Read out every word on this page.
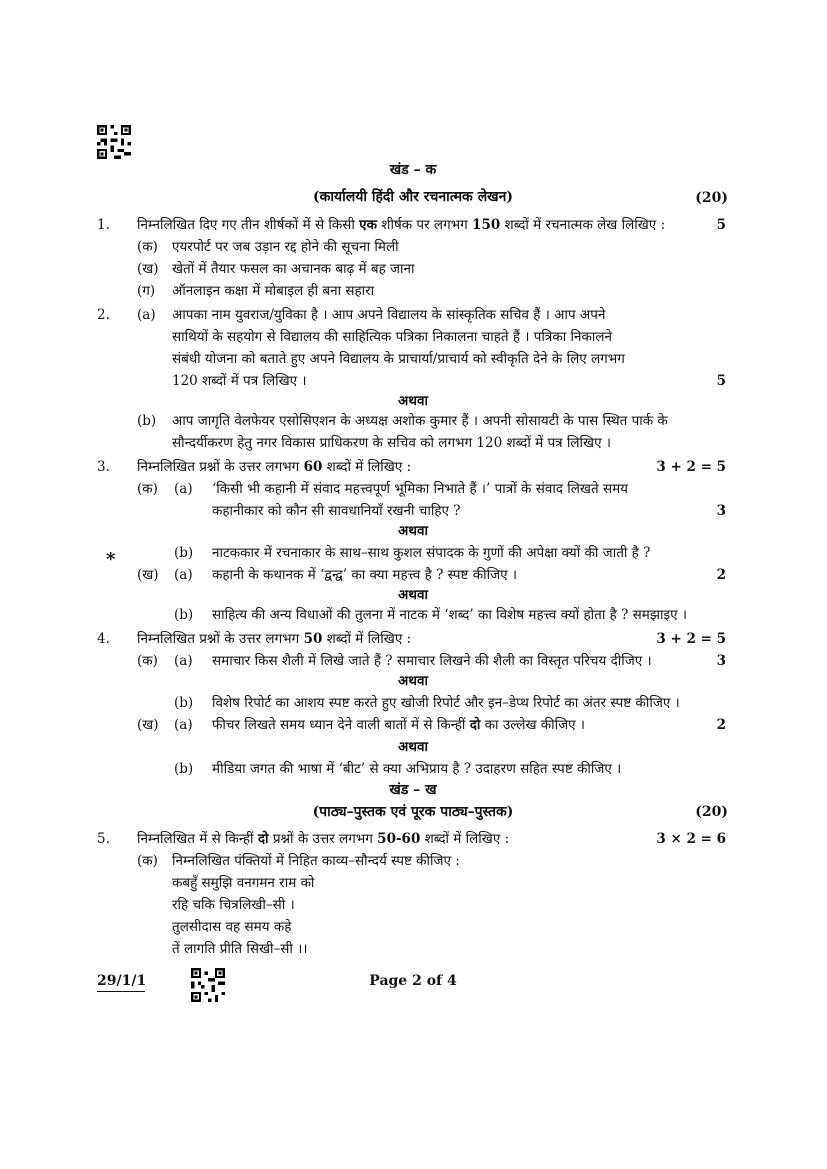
खंड – क
(कार्यालयी हिंदी और रचनात्मक लेखन)	(20)
1. निम्नलिखित दिए गए तीन शीर्षकों में से किसी एक शीर्षक पर लगभग 150 शब्दों में रचनात्मक लेख लिखिए :	5
(क) एयरपोर्ट पर जब उड़ान रद्द होने की सूचना मिली
(ख) खेतों में तैयार फसल का अचानक बाढ़ में बह जाना
(ग) ऑनलाइन कक्षा में मोबाइल ही बना सहारा
2. (a) आपका नाम युवराज/युविका है । आप अपने विद्यालय के सांस्कृतिक सचिव हैं । आप अपने
साथियों के सहयोग से विद्यालय की साहित्यिक पत्रिका निकालना चाहते हैं । पत्रिका निकालने
संबंधी योजना को बताते हुए अपने विद्यालय के प्राचार्या/प्राचार्य को स्वीकृति देने के लिए लगभग
120 शब्दों में पत्र लिखिए ।	5
अथवा
(b) आप जागृति वेलफेयर एसोसिएशन के अध्यक्ष अशोक कुमार हैं । अपनी सोसायटी के पास स्थित पार्क के
सौन्दर्यीकरण हेतु नगर विकास प्राधिकरण के सचिव को लगभग 120 शब्दों में पत्र लिखिए ।
3. निम्नलिखित प्रश्नों के उत्तर लगभग 60 शब्दों में लिखिए :	3 + 2 = 5
(क) (a) ‘किसी भी कहानी में संवाद महत्त्वपूर्ण भूमिका निभाते हैं ।’ पात्रों के संवाद लिखते समय
कहानीकार को कौन सी सावधानियाँ रखनी चाहिए ?	3
अथवा
(b) नाटककार में रचनाकार के साथ–साथ कुशल संपादक के गुणों की अपेक्षा क्यों की जाती है ?
*
(ख) (a) कहानी के कथानक में ‘द्वन्द्व’ का क्या महत्त्व है ? स्पष्ट कीजिए ।	2
अथवा
(b) साहित्य की अन्य विधाओं की तुलना में नाटक में ‘शब्द’ का विशेष महत्त्व क्यों होता है ? समझाइए ।
4. निम्नलिखित प्रश्नों के उत्तर लगभग 50 शब्दों में लिखिए :	3 + 2 = 5
(क) (a) समाचार किस शैली में लिखे जाते हैं ? समाचार लिखने की शैली का विस्तृत परिचय दीजिए ।	3
अथवा
(b) विशेष रिपोर्ट का आशय स्पष्ट करते हुए खोजी रिपोर्ट और इन–डेप्थ रिपोर्ट का अंतर स्पष्ट कीजिए ।
(ख) (a) फीचर लिखते समय ध्यान देने वाली बातों में से किन्हीं दो का उल्लेख कीजिए ।	2
अथवा
(b) मीडिया जगत की भाषा में ‘बीट’ से क्या अभिप्राय है ? उदाहरण सहित स्पष्ट कीजिए ।
खंड – ख
(पाठ्य–पुस्तक एवं पूरक पाठ्य–पुस्तक)	(20)
5. निम्नलिखित में से किन्हीं दो प्रश्नों के उत्तर लगभग 50-60 शब्दों में लिखिए :	3 × 2 = 6
(क) निम्नलिखित पंक्तियों में निहित काव्य–सौन्दर्य स्पष्ट कीजिए :
कबहुँ समुझि वनगमन राम को
रहि चकि चित्रलिखी–सी ।
तुलसीदास वह समय कहे
तें लागति प्रीति सिखी–सी ।।
29/1/1	Page 2 of 4
